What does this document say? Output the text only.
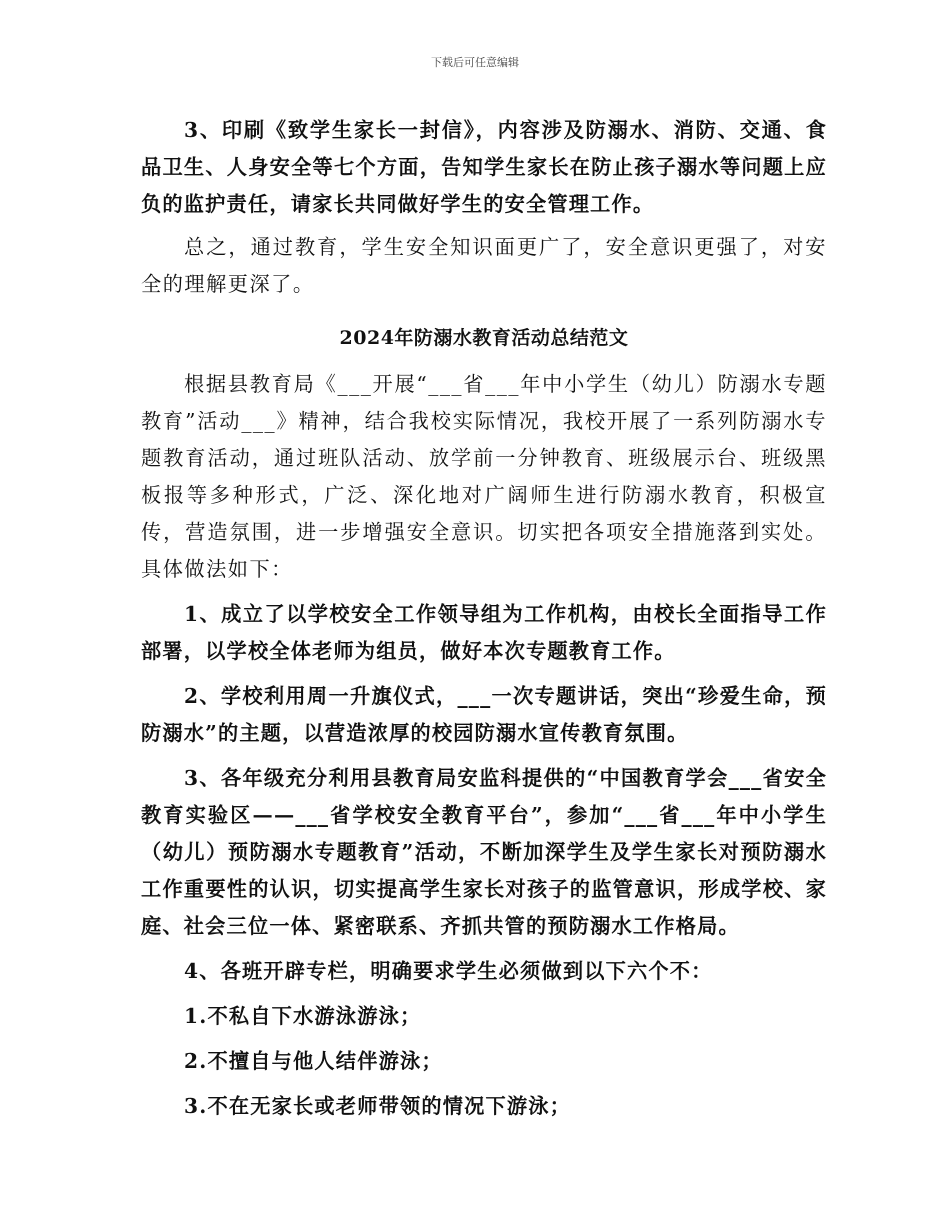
下载后可任意编辑

3、印刷《致学生家长一封信》，内容涉及防溺水、消防、交通、食品卫生、人身安全等七个方面，告知学生家长在防止孩子溺水等问题上应负的监护责任，请家长共同做好学生的安全管理工作。

总之，通过教育，学生安全知识面更广了，安全意识更强了，对安全的理解更深了。

2024年防溺水教育活动总结范文

根据县教育局《___开展“___省___年中小学生（幼儿）防溺水专题教育”活动___》精神，结合我校实际情况，我校开展了一系列防溺水专题教育活动，通过班队活动、放学前一分钟教育、班级展示台、班级黑板报等多种形式，广泛、深化地对广阔师生进行防溺水教育，积极宣传，营造氛围，进一步增强安全意识。切实把各项安全措施落到实处。具体做法如下：

1、成立了以学校安全工作领导组为工作机构，由校长全面指导工作部署，以学校全体老师为组员，做好本次专题教育工作。

2、学校利用周一升旗仪式，___一次专题讲话，突出“珍爱生命，预防溺水”的主题，以营造浓厚的校园防溺水宣传教育氛围。

3、各年级充分利用县教育局安监科提供的“中国教育学会___省安全教育实验区——___省学校安全教育平台”，参加“___省___年中小学生（幼儿）预防溺水专题教育”活动，不断加深学生及学生家长对预防溺水工作重要性的认识，切实提高学生家长对孩子的监管意识，形成学校、家庭、社会三位一体、紧密联系、齐抓共管的预防溺水工作格局。

4、各班开辟专栏，明确要求学生必须做到以下六个不：

1.不私自下水游泳游泳；

2.不擅自与他人结伴游泳；

3.不在无家长或老师带领的情况下游泳；
